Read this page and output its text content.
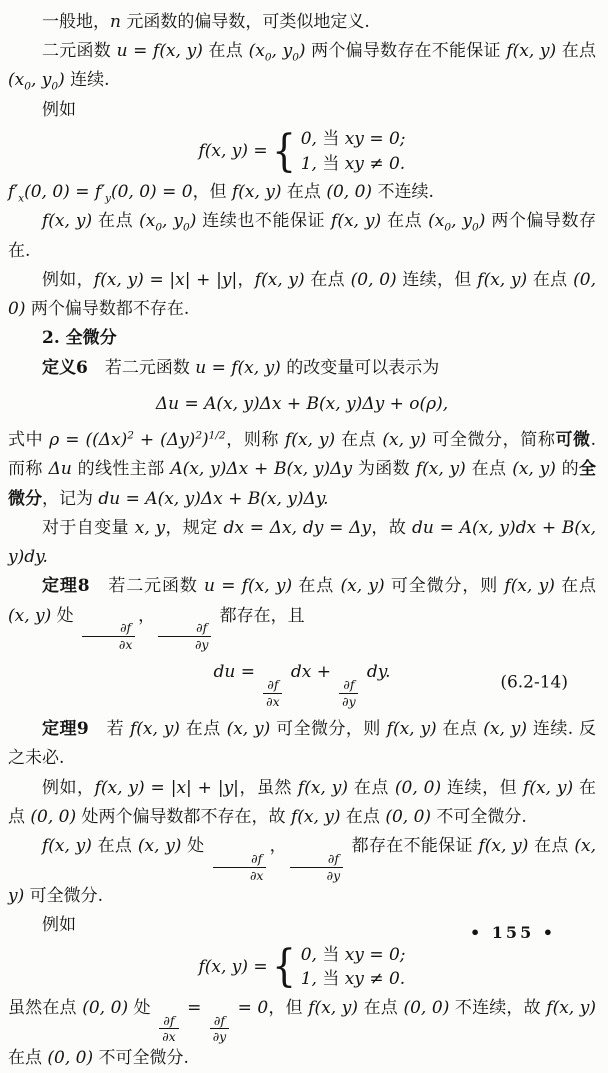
一般地，n 元函数的偏导数，可类似地定义.

二元函数 u = f(x, y) 在点 ($x_0$, $y_0$) 两个偏导数存在不能保证 f(x, y) 在点 ($x_0$, $y_0$) 连续.

例如

f(x, y) = { 0, 当 xy = 0;
1, 当 xy ≠ 0.

$f'_x(0$, $0) = f'_y(0$, 0) = 0，但 f(x, y) 在点 (0, 0) 不连续.

f(x, y) 在点 ($x_0$, $y_0$) 连续也不能保证 f(x, y) 在点 ($x_0$, $y_0$) 两个偏导数存在.

例如，f(x, y) = |x| + |y|，f(x, y) 在点 (0, 0) 连续，但 f(x, y) 在点 (0, 0) 两个偏导数都不存在.

2. 全微分

定义6　若二元函数 u = f(x, y) 的改变量可以表示为

Δu = A(x, y)Δx + B(x, y)Δy + o(ρ),

式中 $\rho = ((\Delta x)^2 + (\Delta y)^2)^{1/2}$，则称 f(x, y) 在点 (x, y) 可全微分，简称可微. 而称 Δu 的线性主部 A(x, y)Δx + B(x, y)Δy 为函数 f(x, y) 在点 (x, y) 的全微分，记为 du = A(x, y)Δx + B(x, y)Δy.

对于自变量 x, y，规定 dx = Δx, dy = Δy，故 du = A(x, y)dx + B(x, y)dy.

定理8　若二元函数 u = f(x, y) 在点 (x, y) 可全微分，则 f(x, y) 在点 (x, y) 处
$\frac{\partial f}{\partial x}$
，
$\frac{\partial f}{\partial y}$
都存在，且

du =
$\frac{\partial f}{\partial x}$
dx +
$\frac{\partial f}{\partial y}$
dy.
(6.2-14)

定理9　若 f(x, y) 在点 (x, y) 可全微分，则 f(x, y) 在点 (x, y) 连续. 反之未必.

例如，f(x, y) = |x| + |y|，虽然 f(x, y) 在点 (0, 0) 连续，但 f(x, y) 在点 (0, 0) 处两个偏导数都不存在，故 f(x, y) 在点 (0, 0) 不可全微分.

f(x, y) 在点 (x, y) 处
$\frac{\partial f}{\partial x}$
，
$\frac{\partial f}{\partial y}$
都存在不能保证 f(x, y) 在点 (x, y) 可全微分.

例如

f(x, y) = { 0, 当 xy = 0;
1, 当 xy ≠ 0.

虽然在点 (0, 0) 处
$\frac{\partial f}{\partial x}$
=
$\frac{\partial f}{\partial y}$
= 0，但 f(x, y) 在点 (0, 0) 不连续，故 f(x, y) 在点 (0, 0) 不可全微分.

• 155 •
